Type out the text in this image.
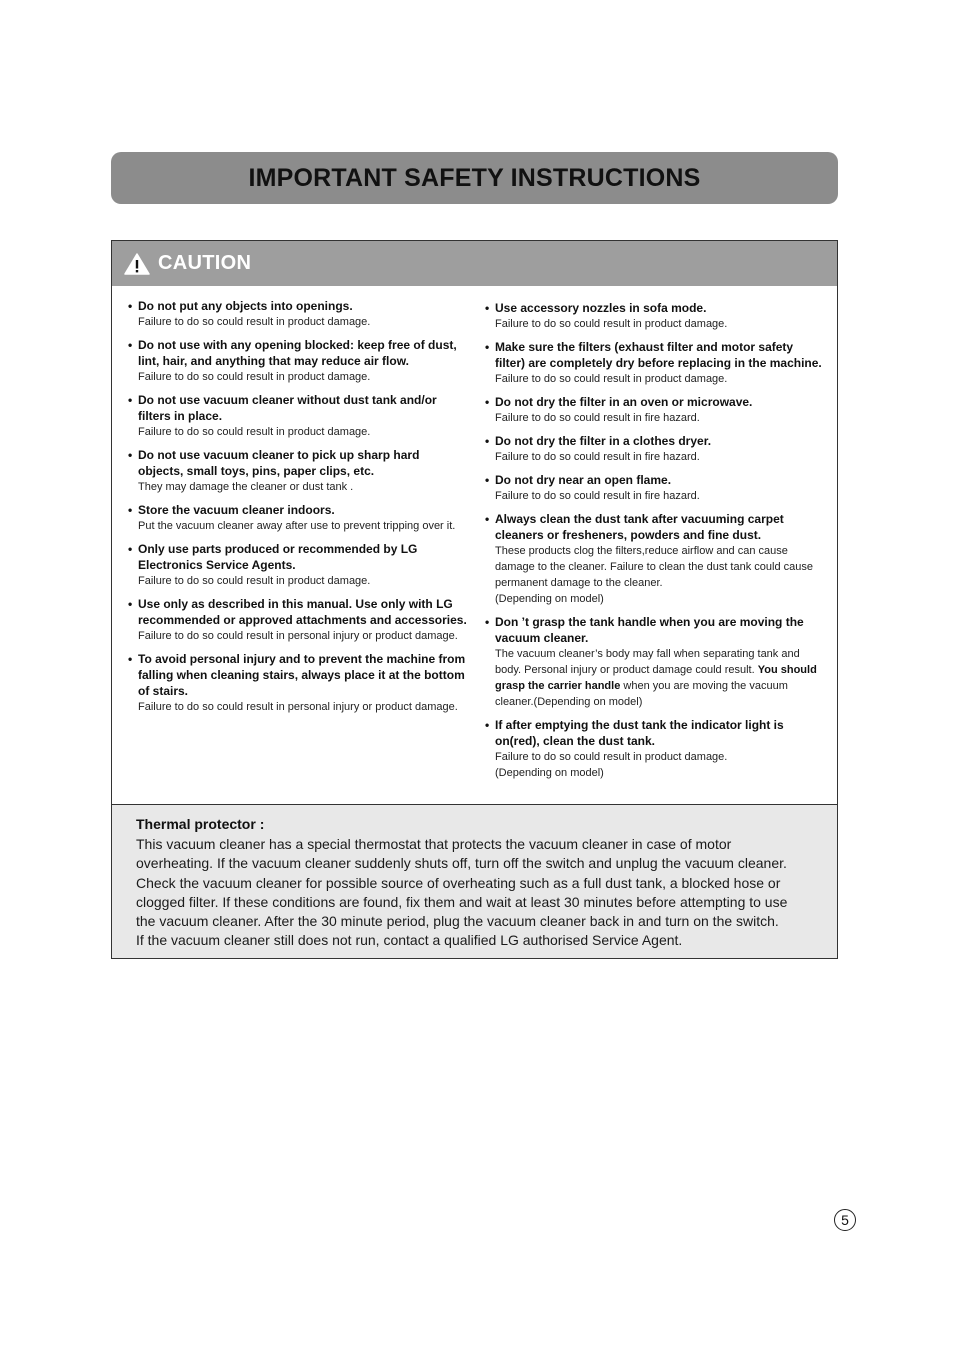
IMPORTANT SAFETY INSTRUCTIONS
CAUTION
• Do not put any objects into openings.
Failure to do so could result in product damage.
• Do not use with any opening blocked: keep free of dust, lint, hair, and anything that may reduce air flow.
Failure to do so could result in product damage.
• Do not use vacuum cleaner without dust tank and/or filters in place.
Failure to do so could result in product damage.
• Do not use vacuum cleaner to pick up sharp hard objects, small toys, pins, paper clips, etc.
They may damage the cleaner or dust tank .
• Store the vacuum cleaner indoors.
Put the vacuum cleaner away after use to prevent tripping over it.
• Only use parts produced or recommended by LG Electronics Service Agents.
Failure to do so could result in product damage.
• Use only as described in this manual. Use only with LG recommended or approved attachments and accessories.
Failure to do so could result in personal injury or product damage.
• To avoid personal injury and to prevent the machine from falling when cleaning stairs, always place it at the bottom of stairs.
Failure to do so could result in personal injury or product damage.
• Use accessory nozzles in sofa mode.
Failure to do so could result in product damage.
• Make sure the filters (exhaust filter and motor safety filter) are completely dry before replacing in the machine.
Failure to do so could result in product damage.
• Do not dry the filter in an oven or microwave.
Failure to do so could result in fire hazard.
• Do not dry the filter in a clothes dryer.
Failure to do so could result in fire hazard.
• Do not dry near an open flame.
Failure to do so could result in fire hazard.
• Always clean the dust tank after vacuuming carpet cleaners or fresheners, powders and fine dust.
These products clog the filters,reduce airflow and can cause damage to the cleaner. Failure to clean the dust tank could cause permanent damage to the cleaner.
(Depending on model)
• Don ’t grasp the tank handle when you are moving the vacuum cleaner.
The vacuum cleaner’s body may fall when separating tank and body. Personal injury or product damage could result. You should grasp the carrier handle when you are moving the vacuum cleaner.(Depending on model)
• If after emptying the dust tank the indicator light is on(red), clean the dust tank.
Failure to do so could result in product damage.
(Depending on model)
Thermal protector :

This vacuum cleaner has a special thermostat that protects the vacuum cleaner in case of motor

overheating. If the vacuum cleaner suddenly shuts off, turn off the switch and unplug the vacuum cleaner.

Check the vacuum cleaner for possible source of overheating such as a full dust tank, a blocked hose or

clogged filter. If these conditions are found, fix them and wait at least 30 minutes before attempting to use

the vacuum cleaner. After the 30 minute period, plug the vacuum cleaner back in and turn on the switch.

If the vacuum cleaner still does not run, contact a qualified LG authorised Service Agent.

5
